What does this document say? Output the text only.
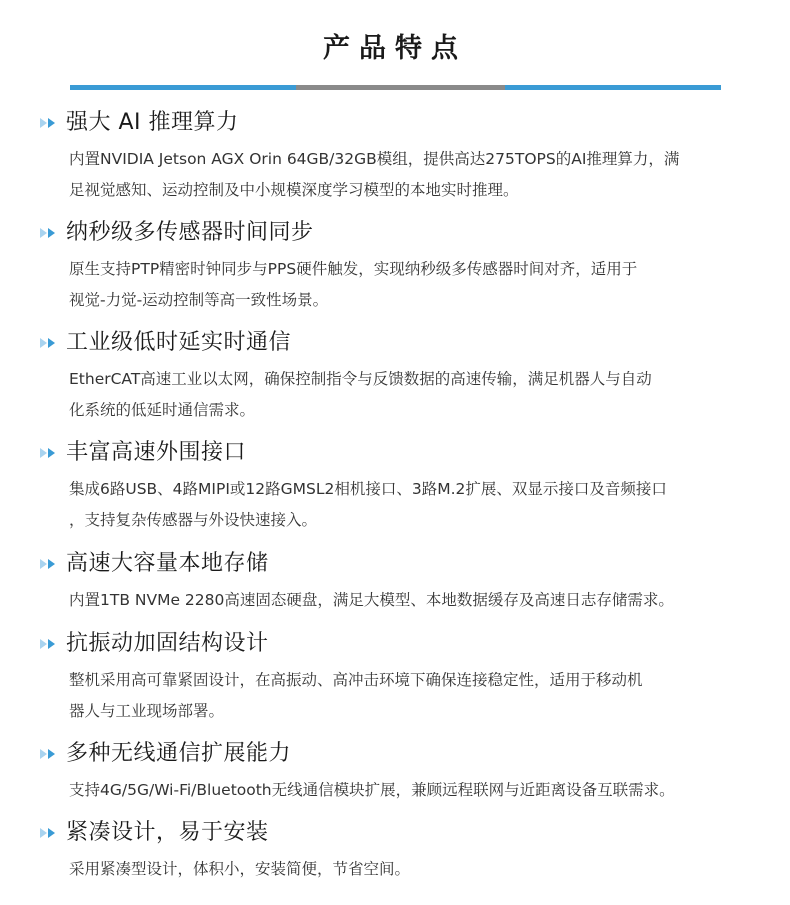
产品特点
强大 AI 推理算力
内置NVIDIA Jetson AGX Orin 64GB/32GB模组，提供高达275TOPS的AI推理算力，满
足视觉感知、运动控制及中小规模深度学习模型的本地实时推理。
纳秒级多传感器时间同步
原生支持PTP精密时钟同步与PPS硬件触发，实现纳秒级多传感器时间对齐，适用于
视觉-力觉-运动控制等高一致性场景。
工业级低时延实时通信
EtherCAT高速工业以太网，确保控制指令与反馈数据的高速传输，满足机器人与自动
化系统的低延时通信需求。
丰富高速外围接口
集成6路USB、4路MIPI或12路GMSL2相机接口、3路M.2扩展、双显示接口及音频接口
，支持复杂传感器与外设快速接入。
高速大容量本地存储
内置1TB NVMe 2280高速固态硬盘，满足大模型、本地数据缓存及高速日志存储需求。
抗振动加固结构设计
整机采用高可靠紧固设计，在高振动、高冲击环境下确保连接稳定性，适用于移动机
器人与工业现场部署。
多种无线通信扩展能力
支持4G/5G/Wi-Fi/Bluetooth无线通信模块扩展，兼顾远程联网与近距离设备互联需求。
紧凑设计，易于安装
采用紧凑型设计，体积小，安装简便，节省空间。
